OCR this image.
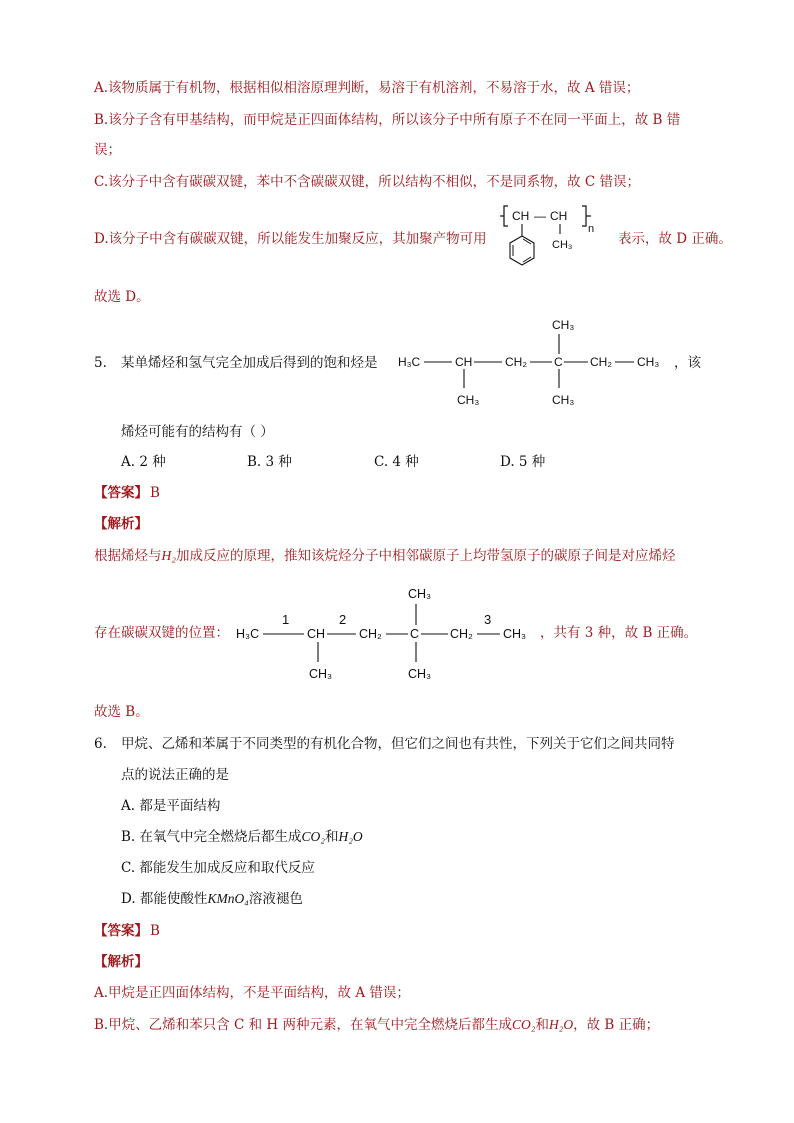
A.该物质属于有机物，根据相似相溶原理判断，易溶于有机溶剂，不易溶于水，故 A 错误；
B.该分子含有甲基结构，而甲烷是正四面体结构，所以该分子中所有原子不在同一平面上，故 B 错
误；
C.该分子中含有碳碳双键，苯中不含碳碳双键，所以结构不相似，不是同系物，故 C 错误；
D.该分子中含有碳碳双键，所以能发生加聚反应，其加聚产物可用
CH — CH
n
CH₃	表示，故 D 正确。
故选 D。
5. 某单烯烃和氢气完全加成后得到的饱和烃是 H₃C	CH	CH₂ C CH₂ CH₃
CH₃
CH₃
CH₃
，该
烯烃可能有的结构有（ ）
A. 2 种	B. 3 种	C. 4 种	D. 5 种
【答案】 B
【解析】
根据烯烃与H₂加成反应的原理，推知该烷烃分子中相邻碳原子上均带氢原子的碳原子间是对应烯烃
存在碳碳双键的位置： H₃C
1
CH
2
CH₂ C CH₂
3
CH₃
CH₃
CH₃
CH₃
，共有 3 种，故 B 正确。
故选 B。
6. 甲烷、乙烯和苯属于不同类型的有机化合物，但它们之间也有共性，下列关于它们之间共同特
点的说法正确的是
A. 都是平面结构
B. 在氧气中完全燃烧后都生成CO₂和H₂O
C. 都能发生加成反应和取代反应
D. 都能使酸性KMnO₄溶液褪色
【答案】 B
【解析】
A.甲烷是正四面体结构，不是平面结构，故 A 错误；
B.甲烷、乙烯和苯只含 C 和 H 两种元素，在氧气中完全燃烧后都生成CO₂和H₂O，故 B 正确；
